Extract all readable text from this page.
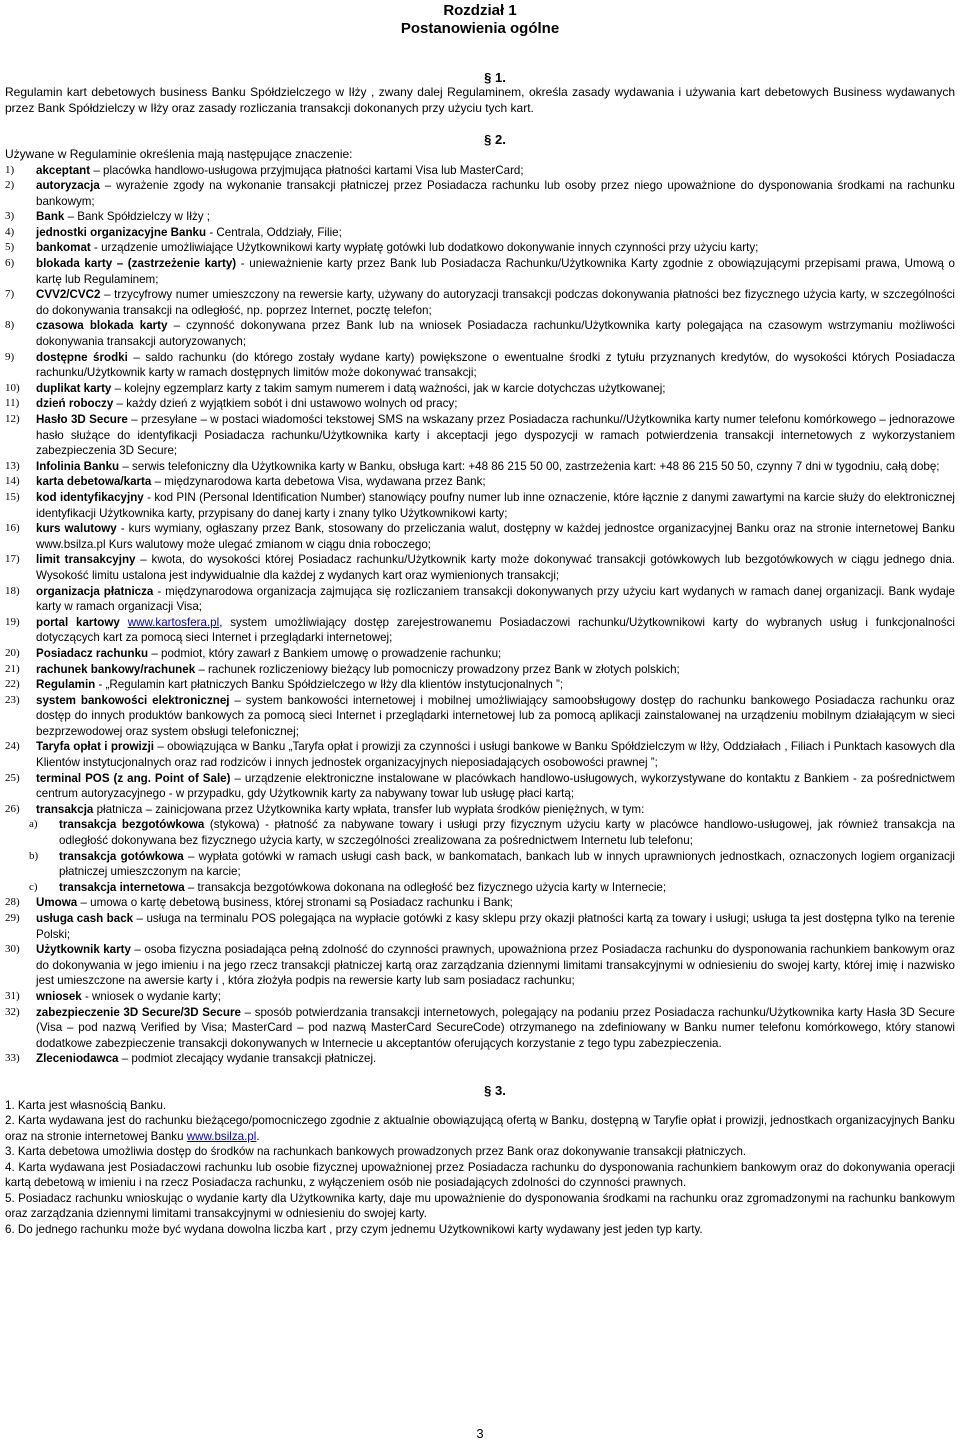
Rozdział 1
Postanowienia ogólne
§ 1.

Regulamin kart debetowych business Banku Spółdzielczego w Iłży , zwany dalej Regulaminem, określa zasady wydawania i używania kart debetowych Business wydawanych przez Bank Spółdzielczy w Iłży oraz zasady rozliczania transakcji dokonanych przy użyciu tych kart.

§ 2.

Używane w Regulaminie określenia mają następujące znaczenie:

1) akceptant – placówka handlowo-usługowa przyjmująca płatności kartami Visa lub MasterCard;
2) autoryzacja – wyrażenie zgody na wykonanie transakcji płatniczej przez Posiadacza rachunku lub osoby przez niego upoważnione do dysponowania środkami na rachunku bankowym;
3) Bank – Bank Spółdzielczy w Iłży ;
4) jednostki organizacyjne Banku - Centrala, Oddziały, Filie;
5) bankomat - urządzenie umożliwiające Użytkownikowi karty wypłatę gotówki lub dodatkowo dokonywanie innych czynności przy użyciu karty;
6) blokada karty – (zastrzeżenie karty) - unieważnienie karty przez Bank lub Posiadacza Rachunku/Użytkownika Karty zgodnie z obowiązującymi przepisami prawa, Umową o kartę lub Regulaminem;
7) CVV2/CVC2 – trzycyfrowy numer umieszczony na rewersie karty, używany do autoryzacji transakcji podczas dokonywania płatności bez fizycznego użycia karty, w szczególności do dokonywania transakcji na odległość, np. poprzez Internet, pocztę telefon;
8) czasowa blokada karty – czynność dokonywana przez Bank lub na wniosek Posiadacza rachunku/Użytkownika karty polegająca na czasowym wstrzymaniu możliwości dokonywania transakcji autoryzowanych;
9) dostępne środki – saldo rachunku (do którego zostały wydane karty) powiększone o ewentualne środki z tytułu przyznanych kredytów, do wysokości których Posiadacza rachunku/Użytkownik karty w ramach dostępnych limitów może dokonywać transakcji;
10) duplikat karty – kolejny egzemplarz karty z takim samym numerem i datą ważności, jak w karcie dotychczas użytkowanej;
11) dzień roboczy – każdy dzień z wyjątkiem sobót i dni ustawowo wolnych od pracy;
12) Hasło 3D Secure – przesyłane – w postaci wiadomości tekstowej SMS na wskazany przez Posiadacza rachunku//Użytkownika karty numer telefonu komórkowego – jednorazowe hasło służące do identyfikacji Posiadacza rachunku/Użytkownika karty i akceptacji jego dyspozycji w ramach potwierdzenia transakcji internetowych z wykorzystaniem zabezpieczenia 3D Secure;
13) Infolinia Banku – serwis telefoniczny dla Użytkownika karty w Banku, obsługa kart: +48 86 215 50 00, zastrzeżenia kart: +48 86 215 50 50, czynny 7 dni w tygodniu, całą dobę;
14) karta debetowa/karta – międzynarodowa karta debetowa Visa, wydawana przez Bank;
15) kod identyfikacyjny - kod PIN (Personal Identification Number) stanowiący poufny numer lub inne oznaczenie, które łącznie z danymi zawartymi na karcie służy do elektronicznej identyfikacji Użytkownika karty, przypisany do danej karty i znany tylko Użytkownikowi karty;
16) kurs walutowy - kurs wymiany, ogłaszany przez Bank, stosowany do przeliczania walut, dostępny w każdej jednostce organizacyjnej Banku oraz na stronie internetowej Banku www.bsilza.pl Kurs walutowy może ulegać zmianom w ciągu dnia roboczego;
17) limit transakcyjny – kwota, do wysokości której Posiadacz rachunku/Użytkownik karty może dokonywać transakcji gotówkowych lub bezgotówkowych w ciągu jednego dnia. Wysokość limitu ustalona jest indywidualnie dla każdej z wydanych kart oraz wymienionych transakcji;
18) organizacja płatnicza - międzynarodowa organizacja zajmująca się rozliczaniem transakcji dokonywanych przy użyciu kart wydanych w ramach danej organizacji. Bank wydaje karty w ramach organizacji Visa;
19) portal kartowy www.kartosfera.pl, system umożliwiający dostęp zarejestrowanemu Posiadaczowi rachunku/Użytkownikowi karty do wybranych usług i funkcjonalności dotyczących kart za pomocą sieci Internet i przeglądarki internetowej;
20) Posiadacz rachunku – podmiot, który zawarł z Bankiem umowę o prowadzenie rachunku;
21) rachunek bankowy/rachunek – rachunek rozliczeniowy bieżący lub pomocniczy prowadzony przez Bank w złotych polskich;
22) Regulamin - „Regulamin kart płatniczych Banku Spółdzielczego w Iłży dla klientów instytucjonalnych ”;
23) system bankowości elektronicznej – system bankowości internetowej i mobilnej umożliwiający samoobsługowy dostęp do rachunku bankowego Posiadacza rachunku oraz dostęp do innych produktów bankowych za pomocą sieci Internet i przeglądarki internetowej lub za pomocą aplikacji zainstalowanej na urządzeniu mobilnym działającym w sieci bezprzewodowej oraz system obsługi telefonicznej;
24) Taryfa opłat i prowizji – obowiązująca w Banku „Taryfa opłat i prowizji za czynności i usługi bankowe w Banku Spółdzielczym w Iłży, Oddziałach , Filiach i Punktach kasowych dla Klientów instytucjonalnych oraz rad rodziców i innych jednostek organizacyjnych nieposiadających osobowości prawnej ”;
25) terminal POS (z ang. Point of Sale) – urządzenie elektroniczne instalowane w placówkach handlowo-usługowych, wykorzystywane do kontaktu z Bankiem - za pośrednictwem centrum autoryzacyjnego - w przypadku, gdy Użytkownik karty za nabywany towar lub usługę płaci kartą;
26) transakcja płatnicza – zainicjowana przez Użytkownika karty wpłata, transfer lub wypłata środków pieniężnych, w tym:
a) transakcja bezgotówkowa (stykowa) - płatność za nabywane towary i usługi przy fizycznym użyciu karty w placówce handlowo-usługowej, jak również transakcja na odległość dokonywana bez fizycznego użycia karty, w szczególności zrealizowana za pośrednictwem Internetu lub telefonu;
b) transakcja gotówkowa – wypłata gotówki w ramach usługi cash back, w bankomatach, bankach lub w innych uprawnionych jednostkach, oznaczonych logiem organizacji płatniczej umieszczonym na karcie;
c) transakcja internetowa – transakcja bezgotówkowa dokonana na odległość bez fizycznego użycia karty w Internecie;
28) Umowa – umowa o kartę debetową business, której stronami są Posiadacz rachunku i Bank;
29) usługa cash back – usługa na terminalu POS polegająca na wypłacie gotówki z kasy sklepu przy okazji płatności kartą za towary i usługi; usługa ta jest dostępna tylko na terenie Polski;
30) Użytkownik karty – osoba fizyczna posiadająca pełną zdolność do czynności prawnych, upoważniona przez Posiadacza rachunku do dysponowania rachunkiem bankowym oraz do dokonywania w jego imieniu i na jego rzecz transakcji płatniczej kartą oraz zarządzania dziennymi limitami transakcyjnymi w odniesieniu do swojej karty, której imię i nazwisko jest umieszczone na awersie karty i , która złożyła podpis na rewersie karty lub sam posiadacz rachunku;
31) wniosek - wniosek o wydanie karty;
32) zabezpieczenie 3D Secure/3D Secure – sposób potwierdzania transakcji internetowych, polegający na podaniu przez Posiadacza rachunku/Użytkownika karty Hasła 3D Secure (Visa – pod nazwą Verified by Visa; MasterCard – pod nazwą MasterCard SecureCode) otrzymanego na zdefiniowany w Banku numer telefonu komórkowego, który stanowi dodatkowe zabezpieczenie transakcji dokonywanych w Internecie u akceptantów oferujących korzystanie z tego typu zabezpieczenia.
33) Zleceniodawca – podmiot zlecający wydanie transakcji płatniczej.
§ 3.
1. Karta jest własnością Banku.
2. Karta wydawana jest do rachunku bieżącego/pomocniczego zgodnie z aktualnie obowiązującą ofertą w Banku, dostępną w Taryfie opłat i prowizji, jednostkach organizacyjnych Banku oraz na stronie internetowej Banku www.bsilza.pl.
3. Karta debetowa umożliwia dostęp do środków na rachunkach bankowych prowadzonych przez Bank oraz dokonywanie transakcji płatniczych.
4. Karta wydawana jest Posiadaczowi rachunku lub osobie fizycznej upoważnionej przez Posiadacza rachunku do dysponowania rachunkiem bankowym oraz do dokonywania operacji kartą debetową w imieniu i na rzecz Posiadacza rachunku, z wyłączeniem osób nie posiadających zdolności do czynności prawnych.
5. Posiadacz rachunku wnioskując o wydanie karty dla Użytkownika karty, daje mu upoważnienie do dysponowania środkami na rachunku oraz zgromadzonymi na rachunku bankowym oraz zarządzania dziennymi limitami transakcyjnymi w odniesieniu do swojej karty.
6. Do jednego rachunku może być wydana dowolna liczba kart , przy czym jednemu Użytkownikowi karty wydawany jest jeden typ karty.
3
